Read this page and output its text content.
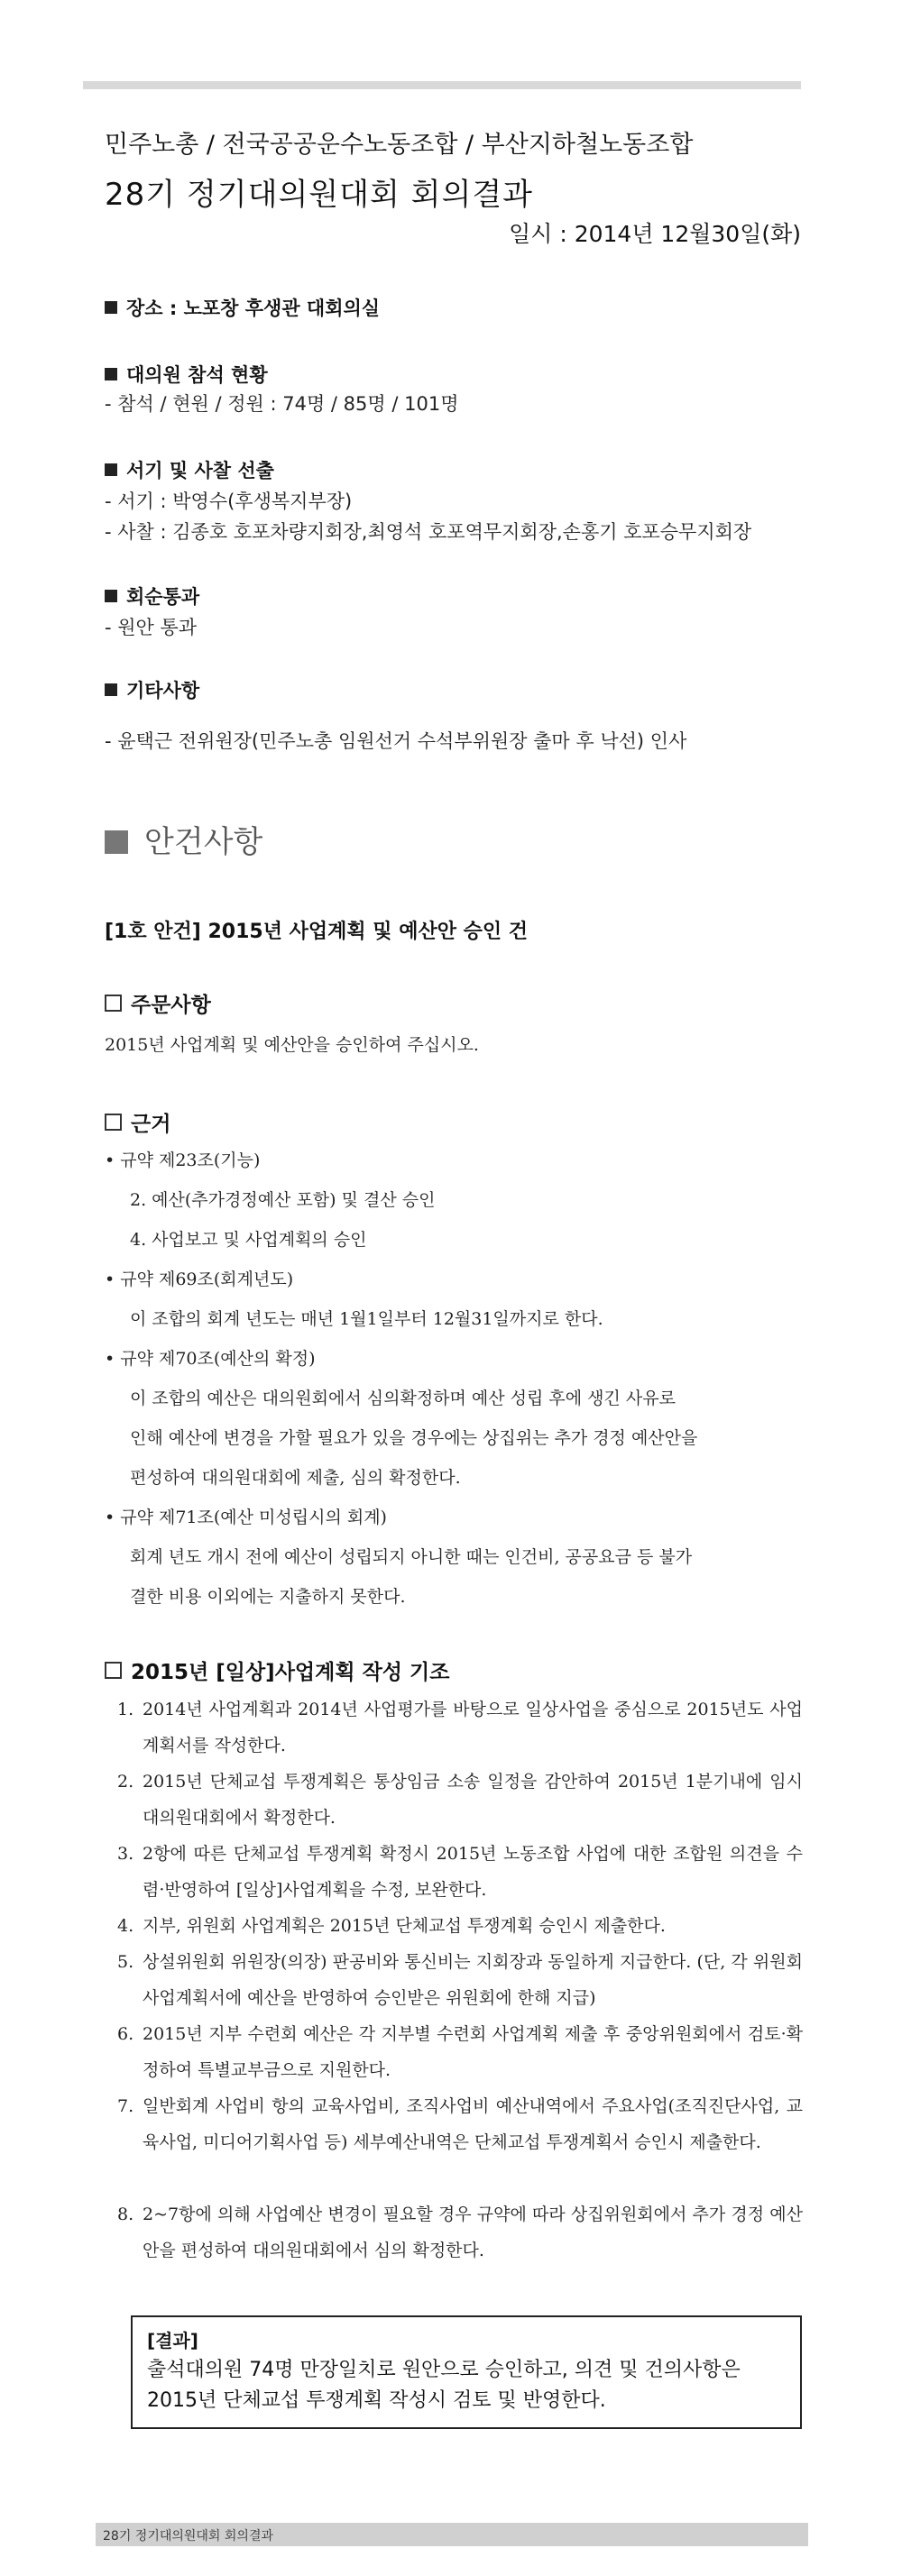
민주노총 / 전국공공운수노동조합 / 부산지하철노동조합
28기 정기대의원대회 회의결과
일시 : 2014년 12월30일(화)
장소 : 노포창 후생관 대회의실
대의원 참석 현황
- 참석 / 현원 / 정원 : 74명 / 85명 / 101명
서기 및 사찰 선출
- 서기 : 박영수(후생복지부장)
- 사찰 : 김종호 호포차량지회장,최영석 호포역무지회장,손홍기 호포승무지회장
회순통과
- 원안 통과
기타사항
- 윤택근 전위원장(민주노총 임원선거 수석부위원장 출마 후 낙선) 인사
안건사항
[1호 안건] 2015년 사업계획 및 예산안 승인 건
주문사항
2015년 사업계획 및 예산안을 승인하여 주십시오.
근거
• 규약 제23조(기능)
2. 예산(추가경정예산 포함) 및 결산 승인
4. 사업보고 및 사업계획의 승인
• 규약 제69조(회계년도)
이 조합의 회계 년도는 매년 1월1일부터 12월31일까지로 한다.
• 규약 제70조(예산의 확정)
이 조합의 예산은 대의원회에서 심의확정하며 예산 성립 후에 생긴 사유로
인해 예산에 변경을 가할 필요가 있을 경우에는 상집위는 추가 경정 예산안을
편성하여 대의원대회에 제출, 심의 확정한다.
• 규약 제71조(예산 미성립시의 회계)
회계 년도 개시 전에 예산이 성립되지 아니한 때는 인건비, 공공요금 등 불가
결한 비용 이외에는 지출하지 못한다.
2015년 [일상]사업계획 작성 기조
1. 2014년 사업계획과 2014년 사업평가를 바탕으로 일상사업을 중심으로 2015년도 사업계획서를 작성한다.
2. 2015년 단체교섭 투쟁계획은 통상임금 소송 일정을 감안하여 2015년 1분기내에 임시 대의원대회에서 확정한다.
3. 2항에 따른 단체교섭 투쟁계획 확정시 2015년 노동조합 사업에 대한 조합원 의견을 수렴·반영하여 [일상]사업계획을 수정, 보완한다.
4. 지부, 위원회 사업계획은 2015년 단체교섭 투쟁계획 승인시 제출한다.
5. 상설위원회 위원장(의장) 판공비와 통신비는 지회장과 동일하게 지급한다. (단, 각 위원회 사업계획서에 예산을 반영하여 승인받은 위원회에 한해 지급)
6. 2015년 지부 수련회 예산은 각 지부별 수련회 사업계획 제출 후 중앙위원회에서 검토·확정하여 특별교부금으로 지원한다.
7. 일반회계 사업비 항의 교육사업비, 조직사업비 예산내역에서 주요사업(조직진단사업, 교육사업, 미디어기획사업 등) 세부예산내역은 단체교섭 투쟁계획서 승인시 제출한다.
8. 2~7항에 의해 사업예산 변경이 필요할 경우 규약에 따라 상집위원회에서 추가 경정 예산안을 편성하여 대의원대회에서 심의 확정한다.
[결과]
출석대의원 74명 만장일치로 원안으로 승인하고, 의견 및 건의사항은 2015년 단체교섭 투쟁계획 작성시 검토 및 반영한다.
28기 정기대의원대회 회의결과
